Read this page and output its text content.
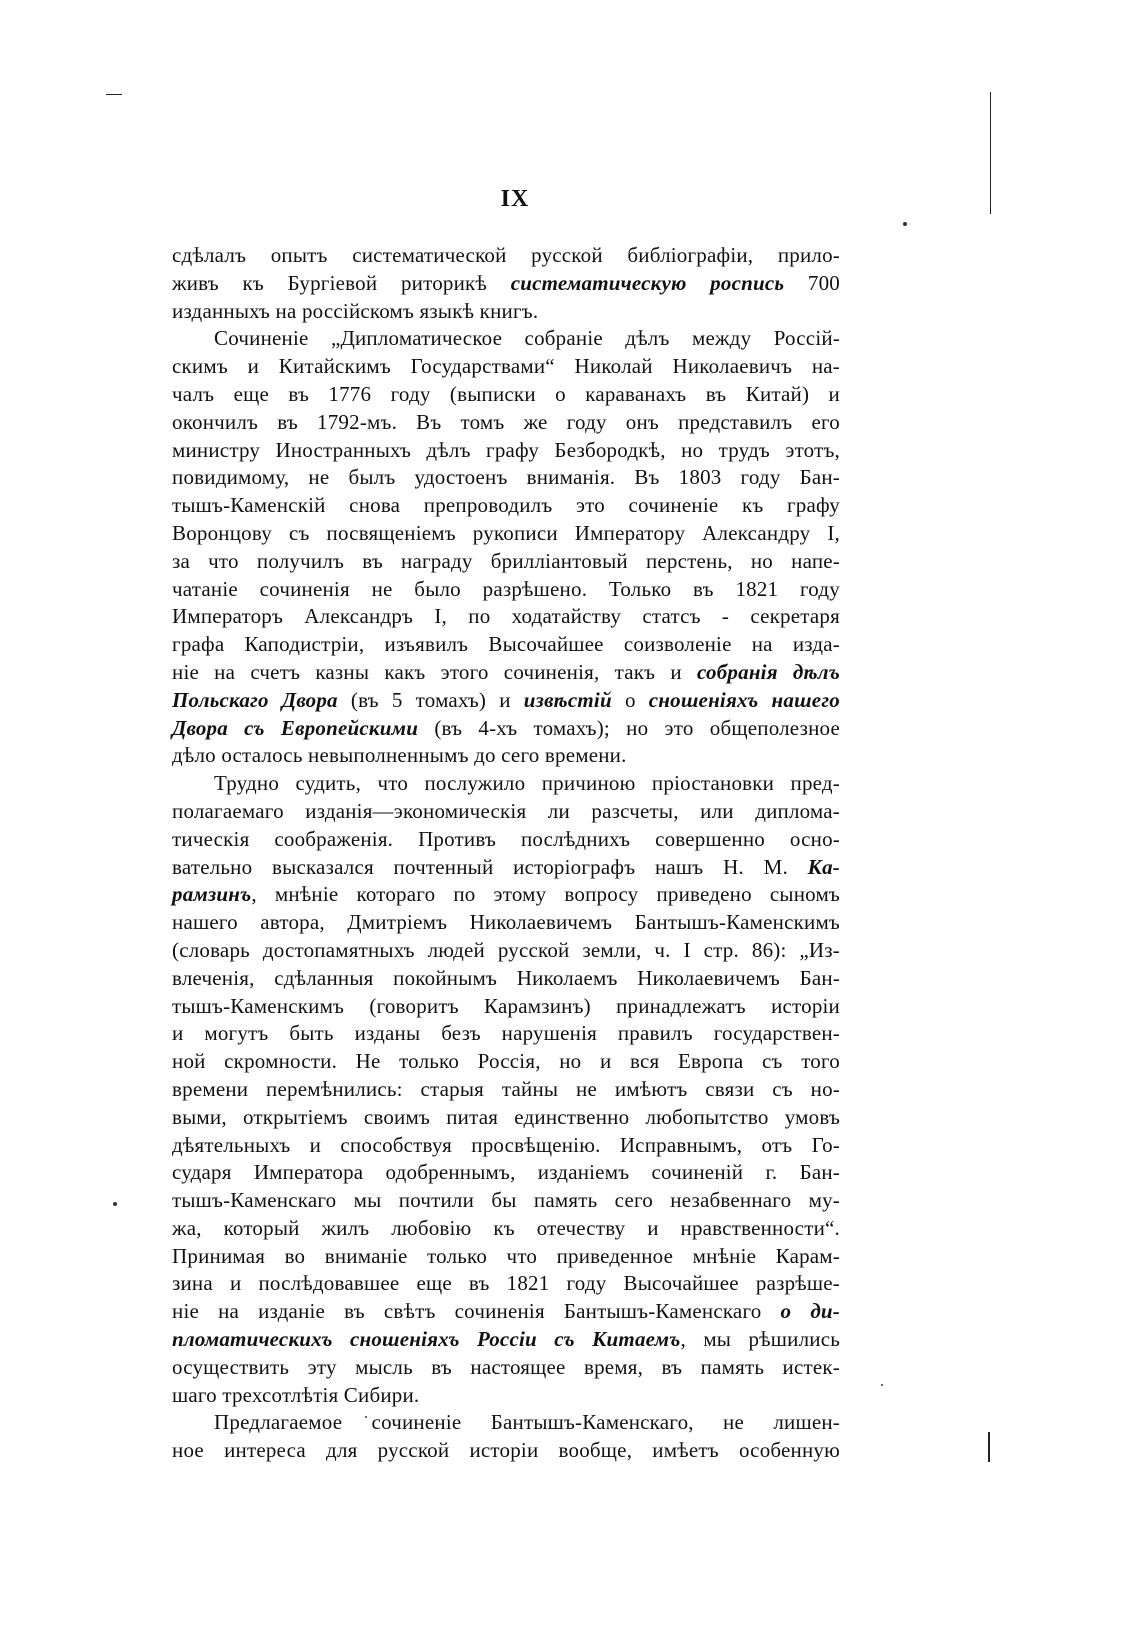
IX
сдѣлалъ опытъ систематической русской библіографіи, прило-
живъ къ Бургіевой риторикѣ систематическую роспись 700
изданныхъ на россійскомъ языкѣ книгъ.
Сочиненіе „Дипломатическое собраніе дѣлъ между Россій-
скимъ и Китайскимъ Государствами“ Николай Николаевичъ на-
чалъ еще въ 1776 году (выписки о караванахъ въ Китай) и
окончилъ въ 1792-мъ. Въ томъ же году онъ представилъ его
министру Иностранныхъ дѣлъ графу Безбородкѣ, но трудъ этотъ,
повидимому, не былъ удостоенъ вниманія. Въ 1803 году Бан-
тышъ-Каменскій снова препроводилъ это сочиненіе къ графу
Воронцову съ посвященіемъ рукописи Императору Александру I,
за что получилъ въ награду бриллiантовый перстень, но напе-
чатаніе сочиненія не было разрѣшено. Только въ 1821 году
Императоръ Александръ I, по ходатайству статсъ - секретаря
графа Каподистріи, изъявилъ Высочайшее соизволеніе на изда-
ніе на счетъ казны какъ этого сочиненія, такъ и собранія дѣлъ
Польскаго Двора (въ 5 томахъ) и извѣстій о сношеніяхъ нашего
Двора съ Европейскими (въ 4-хъ томахъ); но это общеполезное
дѣло осталось невыполненнымъ до сего времени.
Трудно судить, что послужило причиною пріостановки пред-
полагаемаго изданія—экономическія ли разсчеты, или диплома-
тическія соображенія. Противъ послѣднихъ совершенно осно-
вательно высказался почтенный исторіографъ нашъ Н. М. Ка-
рамзинъ, мнѣніе котораго по этому вопросу приведено сыномъ
нашего автора, Дмитріемъ Николаевичемъ Бантышъ-Каменскимъ
(словарь достопамятныхъ людей русской земли, ч. I стр. 86): „Из-
влеченія, сдѣланныя покойнымъ Николаемъ Николаевичемъ Бан-
тышъ-Каменскимъ (говоритъ Карамзинъ) принадлежатъ исторіи
и могутъ быть изданы безъ нарушенія правилъ государствен-
ной скромности. Не только Россія, но и вся Европа съ того
времени перемѣнились: старыя тайны не имѣютъ связи съ но-
выми, открытіемъ своимъ питая единственно любопытство умовъ
дѣятельныхъ и способствуя просвѣщенію. Исправнымъ, отъ Го-
сударя Императора одобреннымъ, изданіемъ сочиненій г. Бан-
тышъ-Каменскаго мы почтили бы память сего незабвеннаго му-
жа, который жилъ любовію къ отечеству и нравственности“.
Принимая во вниманіе только что приведенное мнѣніе Карам-
зина и послѣдовавшее еще въ 1821 году Высочайшее разрѣше-
ніе на изданіе въ свѣтъ сочиненія Бантышъ-Каменскаго о ди-
пломатическихъ сношеніяхъ Россіи съ Китаемъ, мы рѣшились
осуществить эту мысль въ настоящее время, въ память истек-
шаго трехсотлѣтія Сибири.
Предлагаемое сочиненіе Бантышъ-Каменскаго, не лишен-
ное интереса для русской исторіи вообще, имѣетъ особенную
